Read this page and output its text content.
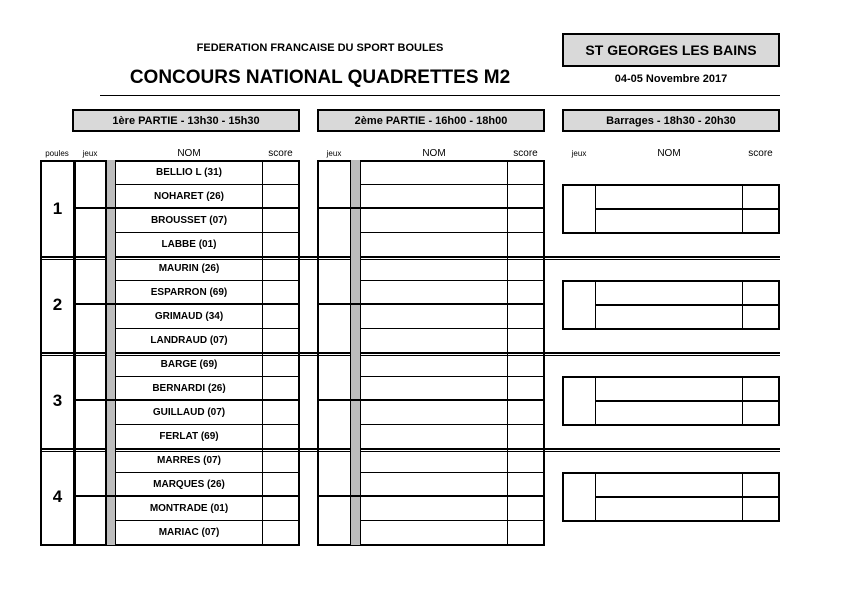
FEDERATION FRANCAISE DU SPORT BOULES
CONCOURS NATIONAL QUADRETTES M2
ST GEORGES LES BAINS
04-05 Novembre 2017
1ère PARTIE - 13h30 - 15h30	2ème PARTIE - 16h00 - 18h00	Barrages - 18h30 - 20h30
poules	jeux	NOM	score	jeux	NOM	score	jeux	NOM	score
1
BELLIO L (31)
NOHARET (26)
BROUSSET (07)
LABBE (01)
2
MAURIN (26)
ESPARRON (69)
GRIMAUD (34)
LANDRAUD (07)
3
BARGE (69)
BERNARDI (26)
GUILLAUD (07)
FERLAT (69)
4
MARRES (07)
MARQUES (26)
MONTRADE (01)
MARIAC (07)
